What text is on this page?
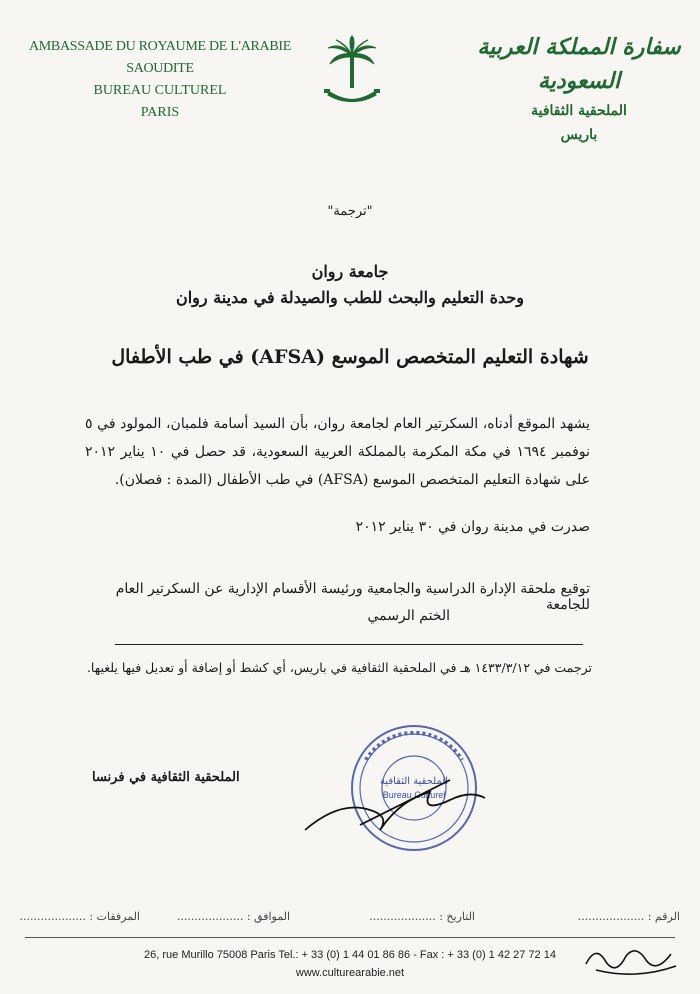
AMBASSADE DU ROYAUME DE L'ARABIE SAOUDITE
BUREAU CULTUREL
PARIS
سفارة المملكة العربية السعودية
الملحقية الثقافية
باريس
"ترجمة"
جامعة روان
وحدة التعليم والبحث للطب والصيدلة في مدينة روان
شهادة التعليم المتخصص الموسع (AFSA) في طب الأطفال
يشهد الموقع أدناه، السكرتير العام لجامعة روان، بأن السيد أسامة فلمبان، المولود في ٥ نوفمبر ١٦٩٤ في مكة المكرمة بالمملكة العربية السعودية، قد حصل في ١٠ يناير ٢٠١٢ على شهادة التعليم المتخصص الموسع (AFSA) في طب الأطفال (المدة : فصلان).
صدرت في مدينة روان في ٣٠ يناير ٢٠١٢
توقيع ملحقة الإدارة الدراسية والجامعية ورئيسة الأقسام الإدارية عن السكرتير العام للجامعة
الختم الرسمي
ترجمت في ١٤٣٣/٣/١٢ هـ في الملحقية الثقافية في باريس، أي كشط أو إضافة أو تعديل فيها يلغيها.
الملحقية الثقافية
Bureau Culturel
الملحقية الثقافية في فرنسا
الرقم : ...................
التاريخ : ...................
الموافق : ...................
المرفقات : ...................
26, rue Murillo 75008 Paris Tel.: + 33 (0) 1 44 01 86 86 - Fax : + 33 (0) 1 42 27 72 14
www.culturearabie.net
